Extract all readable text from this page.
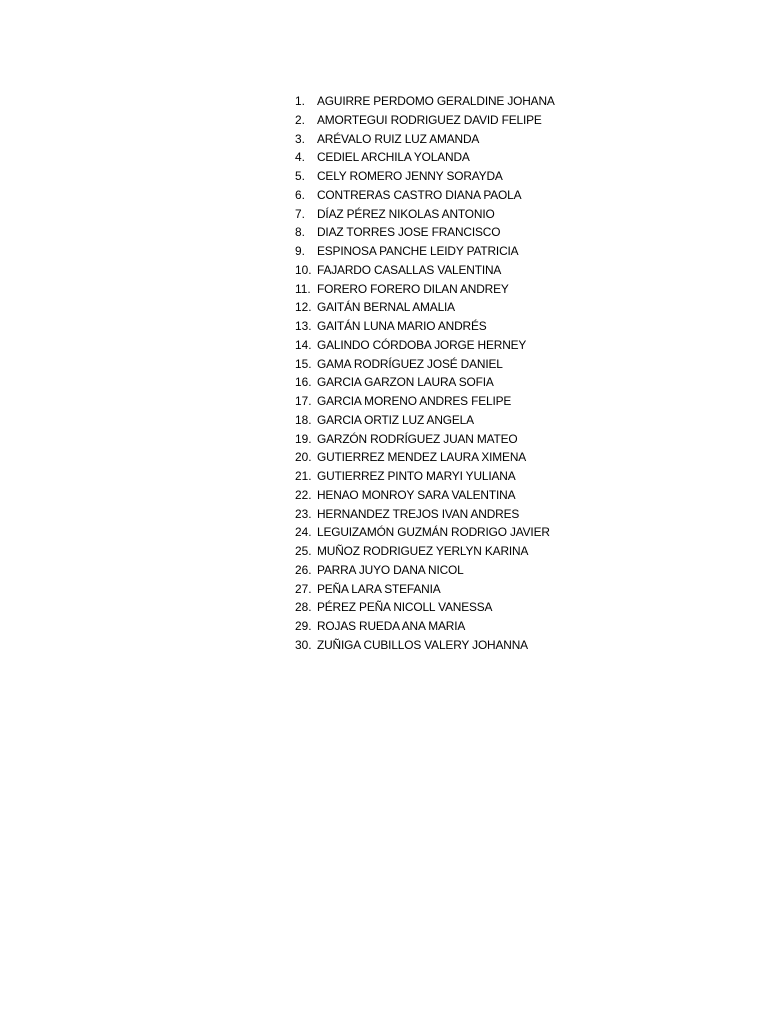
1.	AGUIRRE PERDOMO GERALDINE JOHANA
2.	AMORTEGUI RODRIGUEZ DAVID FELIPE
3.	ARÉVALO RUIZ LUZ AMANDA
4.	CEDIEL ARCHILA YOLANDA
5.	CELY ROMERO JENNY SORAYDA
6.	CONTRERAS CASTRO DIANA PAOLA
7.	DÍAZ PÉREZ NIKOLAS ANTONIO
8.	DIAZ TORRES JOSE FRANCISCO
9.	ESPINOSA PANCHE LEIDY PATRICIA
10. FAJARDO CASALLAS VALENTINA
11. FORERO FORERO DILAN ANDREY
12. GAITÁN BERNAL AMALIA
13. GAITÁN LUNA MARIO ANDRÉS
14. GALINDO CÓRDOBA JORGE HERNEY
15. GAMA RODRÍGUEZ JOSÉ DANIEL
16. GARCIA GARZON LAURA SOFIA
17. GARCIA MORENO ANDRES FELIPE
18. GARCIA ORTIZ LUZ ANGELA
19. GARZÓN RODRÍGUEZ JUAN MATEO
20. GUTIERREZ MENDEZ LAURA XIMENA
21. GUTIERREZ PINTO MARYI YULIANA
22. HENAO MONROY SARA VALENTINA
23. HERNANDEZ TREJOS IVAN ANDRES
24. LEGUIZAMÓN GUZMÁN RODRIGO JAVIER
25. MUÑOZ RODRIGUEZ YERLYN KARINA
26. PARRA JUYO DANA NICOL
27. PEÑA LARA STEFANIA
28. PÉREZ PEÑA NICOLL VANESSA
29. ROJAS RUEDA ANA MARIA
30. ZUÑIGA CUBILLOS VALERY JOHANNA
